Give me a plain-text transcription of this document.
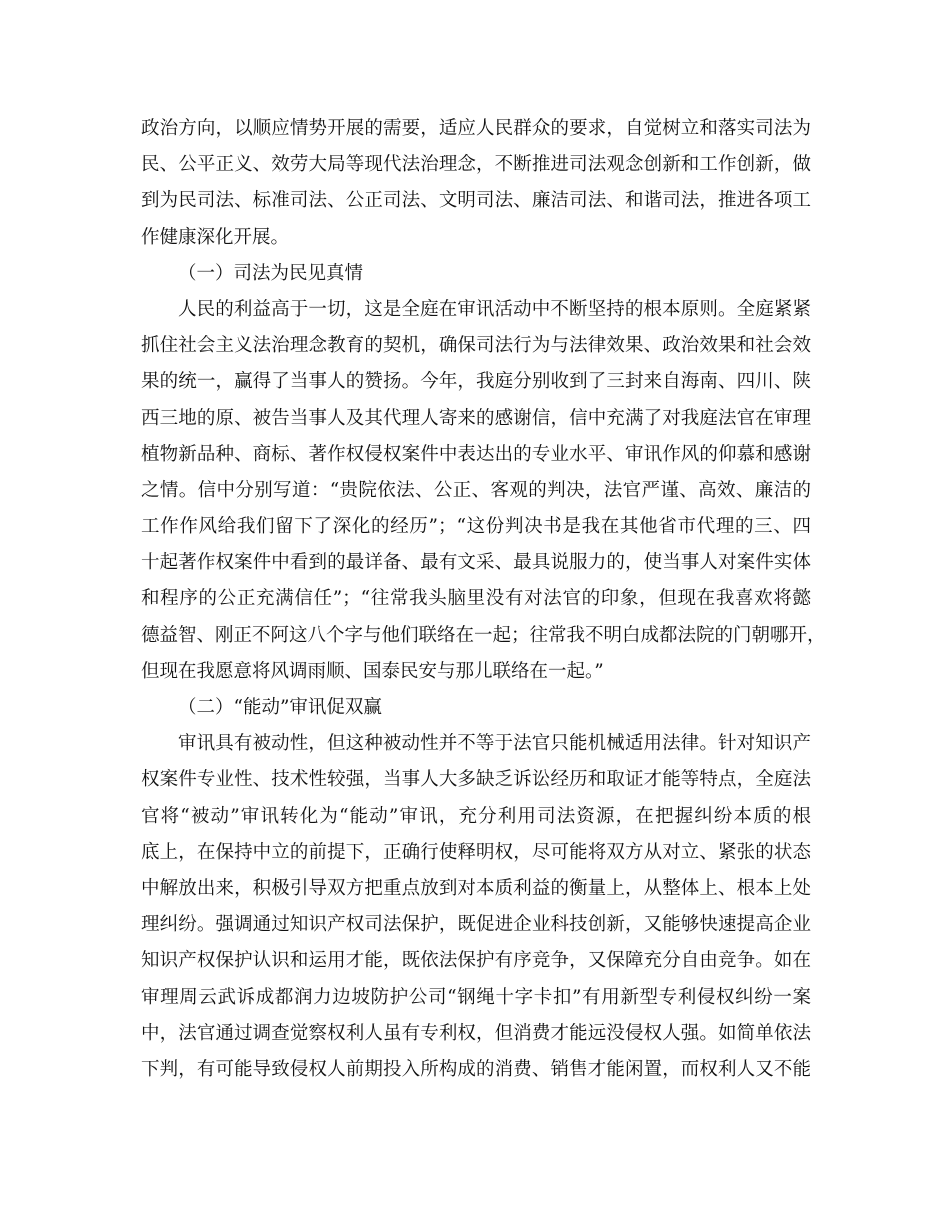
政治方向，以顺应情势开展的需要，适应人民群众的要求，自觉树立和落实司法为
民、公平正义、效劳大局等现代法治理念，不断推进司法观念创新和工作创新，做
到为民司法、标准司法、公正司法、文明司法、廉洁司法、和谐司法，推进各项工
作健康深化开展。
（一）司法为民见真情
人民的利益高于一切，这是全庭在审讯活动中不断坚持的根本原则。全庭紧紧
抓住社会主义法治理念教育的契机，确保司法行为与法律效果、政治效果和社会效
果的统一，赢得了当事人的赞扬。今年，我庭分别收到了三封来自海南、四川、陕
西三地的原、被告当事人及其代理人寄来的感谢信，信中充满了对我庭法官在审理
植物新品种、商标、著作权侵权案件中表达出的专业水平、审讯作风的仰慕和感谢
之情。信中分别写道：“贵院依法、公正、客观的判决，法官严谨、高效、廉洁的
工作作风给我们留下了深化的经历”；“这份判决书是我在其他省市代理的三、四
十起著作权案件中看到的最详备、最有文采、最具说服力的，使当事人对案件实体
和程序的公正充满信任”；“往常我头脑里没有对法官的印象，但现在我喜欢将懿
德益智、刚正不阿这八个字与他们联络在一起；往常我不明白成都法院的门朝哪开，
但现在我愿意将风调雨顺、国泰民安与那儿联络在一起。”
（二）“能动”审讯促双赢
审讯具有被动性，但这种被动性并不等于法官只能机械适用法律。针对知识产
权案件专业性、技术性较强，当事人大多缺乏诉讼经历和取证才能等特点，全庭法
官将“被动”审讯转化为“能动”审讯，充分利用司法资源，在把握纠纷本质的根
底上，在保持中立的前提下，正确行使释明权，尽可能将双方从对立、紧张的状态
中解放出来，积极引导双方把重点放到对本质利益的衡量上，从整体上、根本上处
理纠纷。强调通过知识产权司法保护，既促进企业科技创新，又能够快速提高企业
知识产权保护认识和运用才能，既依法保护有序竞争，又保障充分自由竞争。如在
审理周云武诉成都润力边坡防护公司“钢绳十字卡扣”有用新型专利侵权纠纷一案
中，法官通过调查觉察权利人虽有专利权，但消费才能远没侵权人强。如简单依法
下判，有可能导致侵权人前期投入所构成的消费、销售才能闲置，而权利人又不能
